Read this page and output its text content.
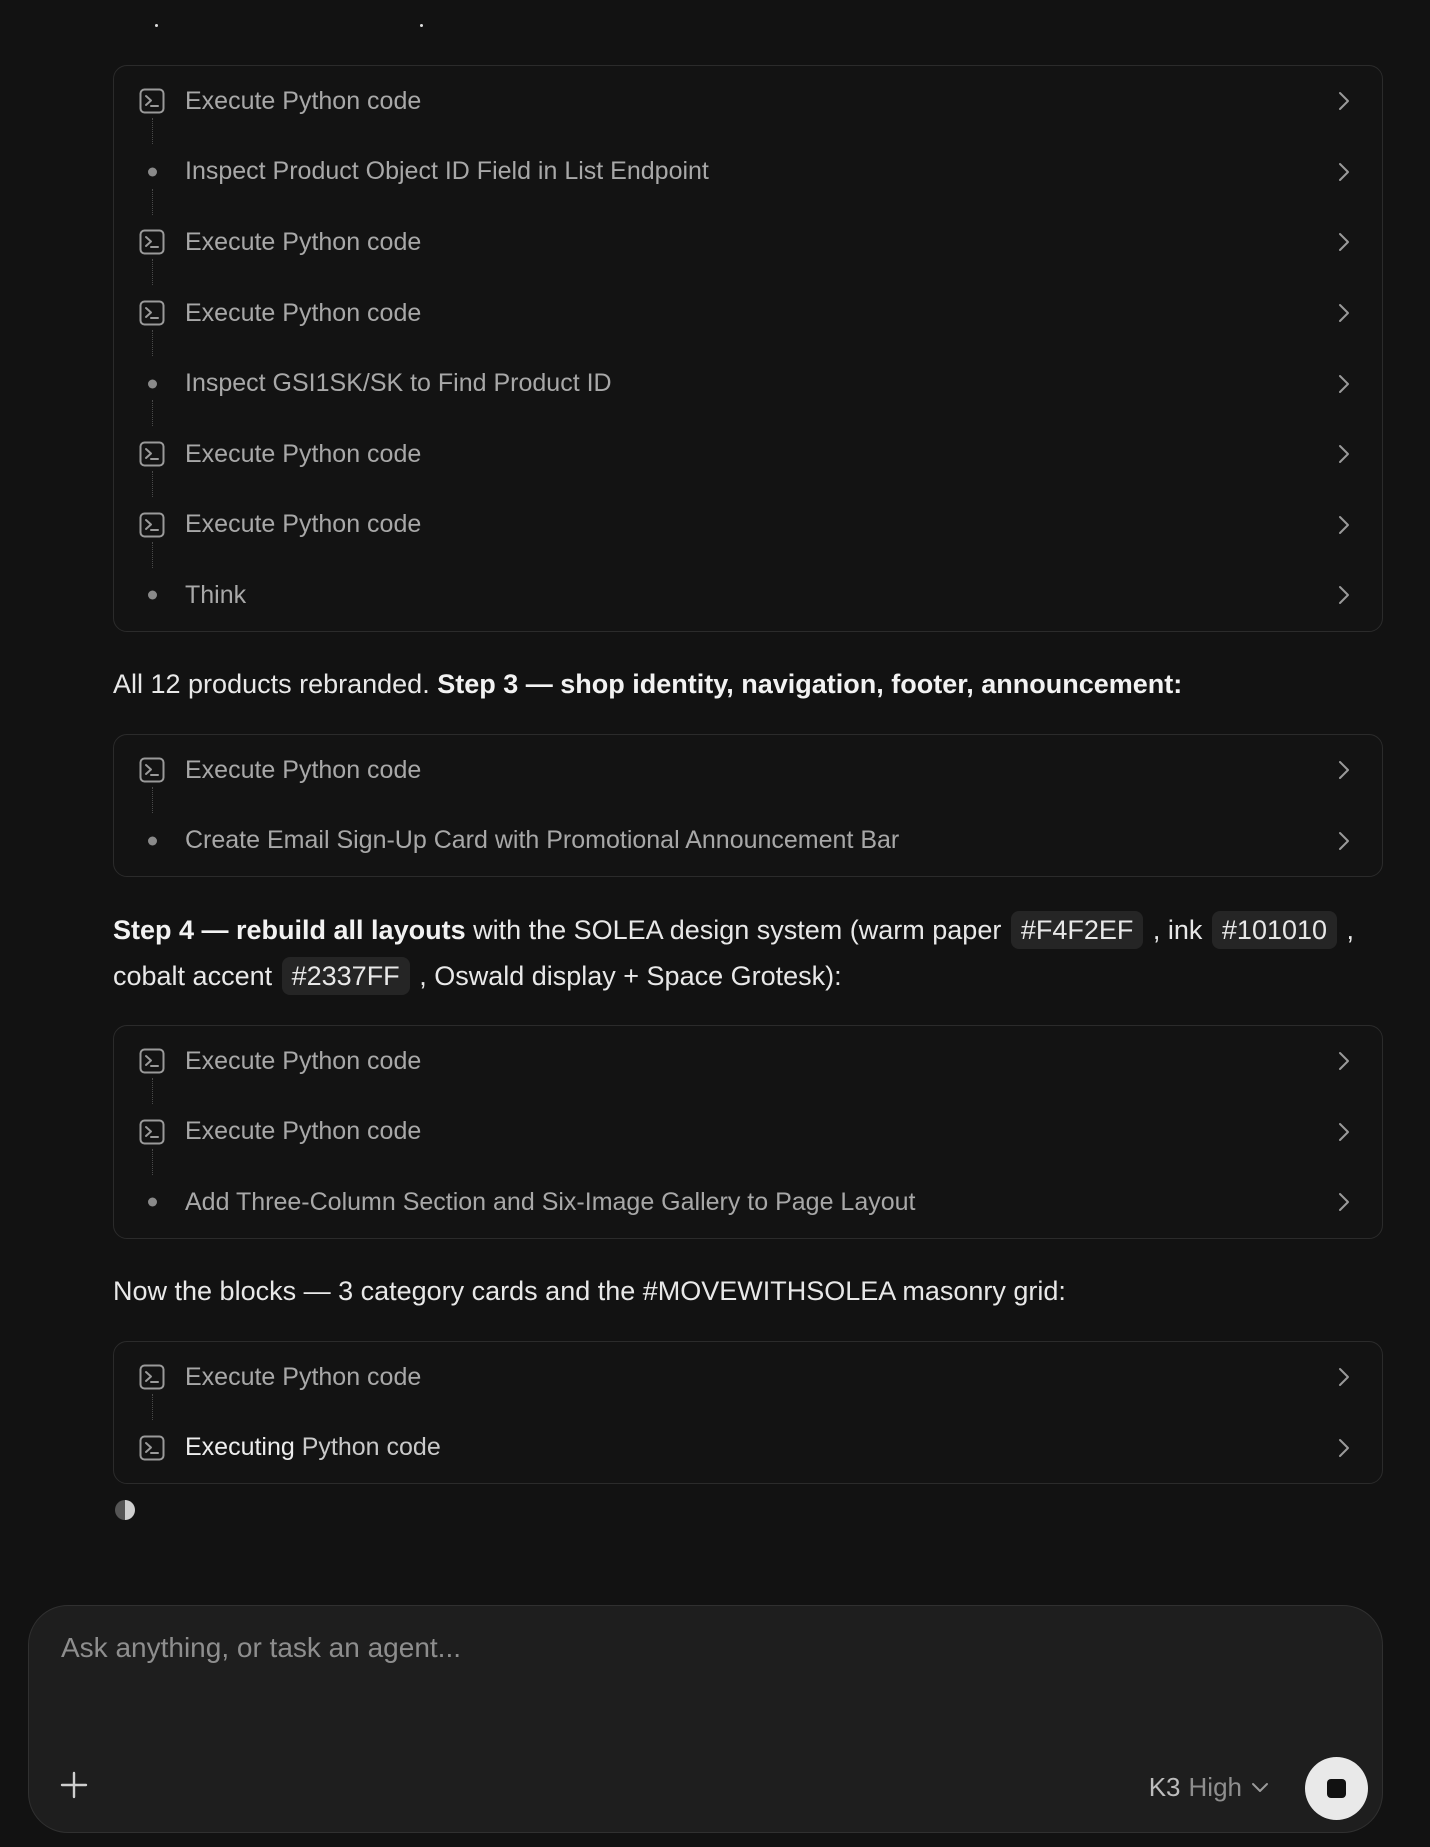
Execute Python code
Inspect Product Object ID Field in List Endpoint
Execute Python code
Execute Python code
Inspect GSI1SK/SK to Find Product ID
Execute Python code
Execute Python code
Think
All 12 products rebranded. Step 3 — shop identity, navigation, footer, announcement:
Execute Python code
Create Email Sign-Up Card with Promotional Announcement Bar
Step 4 — rebuild all layouts with the SOLEA design system (warm paper #F4F2EF , ink #101010 ,
cobalt accent #2337FF , Oswald display + Space Grotesk):
Execute Python code
Execute Python code
Add Three-Column Section and Six-Image Gallery to Page Layout
Now the blocks — 3 category cards and the #MOVEWITHSOLEA masonry grid:
Execute Python code
Executing Python code
Ask anything, or task an agent...
K3 High
